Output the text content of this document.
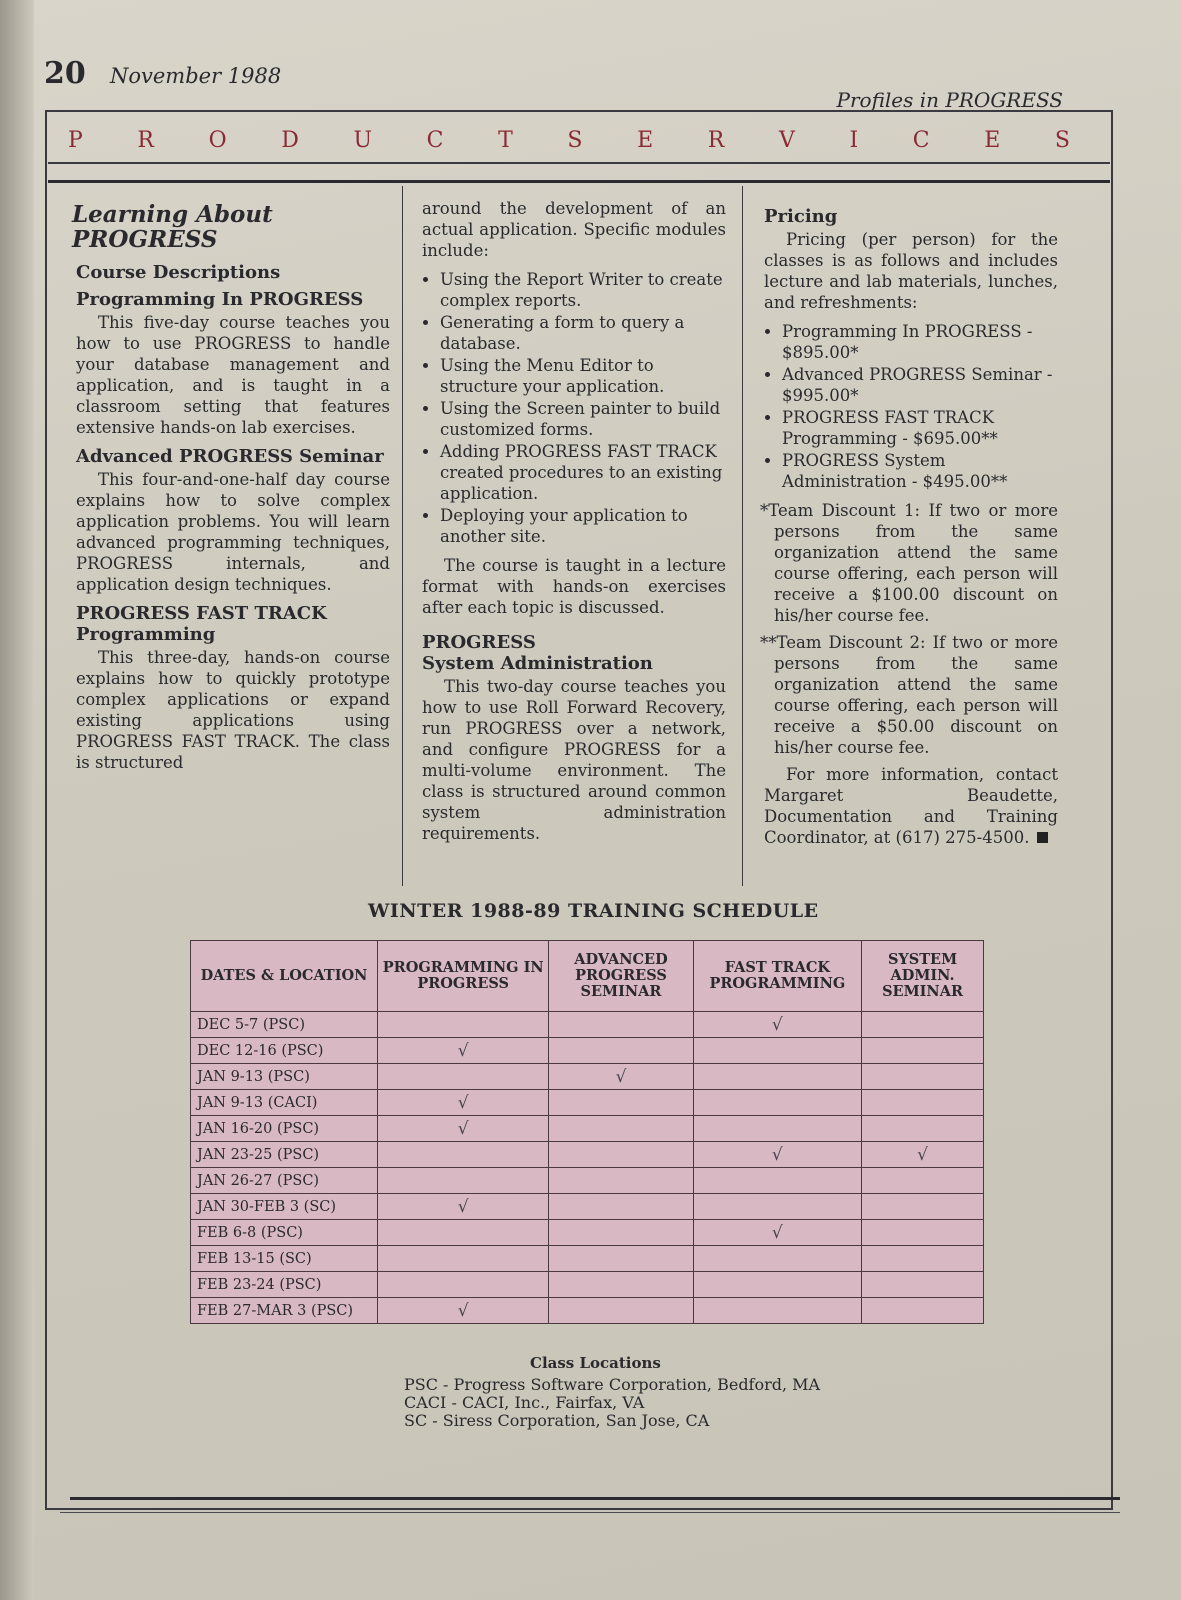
20 November 1988
Profiles in PROGRESS
P R O D U C T S E R V I C E S
Learning About PROGRESS
Course Descriptions
Programming In PROGRESS
This five-day course teaches you how to use PROGRESS to handle your database management and application, and is taught in a classroom setting that features extensive hands-on lab exercises.
Advanced PROGRESS Seminar
This four-and-one-half day course explains how to solve complex application problems. You will learn advanced programming techniques, PROGRESS internals, and application design techniques.
PROGRESS FAST TRACK Programming
This three-day, hands-on course explains how to quickly prototype complex applications or expand existing applications using PROGRESS FAST TRACK. The class is structured
around the development of an actual application. Specific modules include:
• Using the Report Writer to create complex reports.
• Generating a form to query a database.
• Using the Menu Editor to structure your application.
• Using the Screen painter to build customized forms.
• Adding PROGRESS FAST TRACK created procedures to an existing application.
• Deploying your application to another site.
The course is taught in a lecture format with hands-on exercises after each topic is discussed.
PROGRESS
System Administration
This two-day course teaches you how to use Roll Forward Recovery, run PROGRESS over a network, and configure PROGRESS for a multi-volume environment. The class is structured around common system administration requirements.
Pricing
Pricing (per person) for the classes is as follows and includes lecture and lab materials, lunches, and refreshments:
• Programming In PROGRESS - $895.00*
• Advanced PROGRESS Seminar - $995.00*
• PROGRESS FAST TRACK Programming - $695.00**
• PROGRESS System Administration - $495.00**
*Team Discount 1: If two or more persons from the same organization attend the same course offering, each person will receive a $100.00 discount on his/her course fee.
**Team Discount 2: If two or more persons from the same organization attend the same course offering, each person will receive a $50.00 discount on his/her course fee.
For more information, contact Margaret Beaudette, Documentation and Training Coordinator, at (617) 275-4500.
WINTER 1988-89 TRAINING SCHEDULE
DATES & LOCATION	PROGRAMMING IN PROGRESS	ADVANCED PROGRESS SEMINAR	FAST TRACK PROGRAMMING	SYSTEM ADMIN. SEMINAR
DEC 5-7 (PSC)			√	
DEC 12-16 (PSC)	√			
JAN 9-13 (PSC)		√		
JAN 9-13 (CACI)	√			
JAN 16-20 (PSC)	√			
JAN 23-25 (PSC)			√	√
JAN 26-27 (PSC)				
JAN 30-FEB 3 (SC)	√			
FEB 6-8 (PSC)			√	
FEB 13-15 (SC)				
FEB 23-24 (PSC)				
FEB 27-MAR 3 (PSC)	√			
Class Locations
PSC - Progress Software Corporation, Bedford, MA
CACI - CACI, Inc., Fairfax, VA
SC - Siress Corporation, San Jose, CA
